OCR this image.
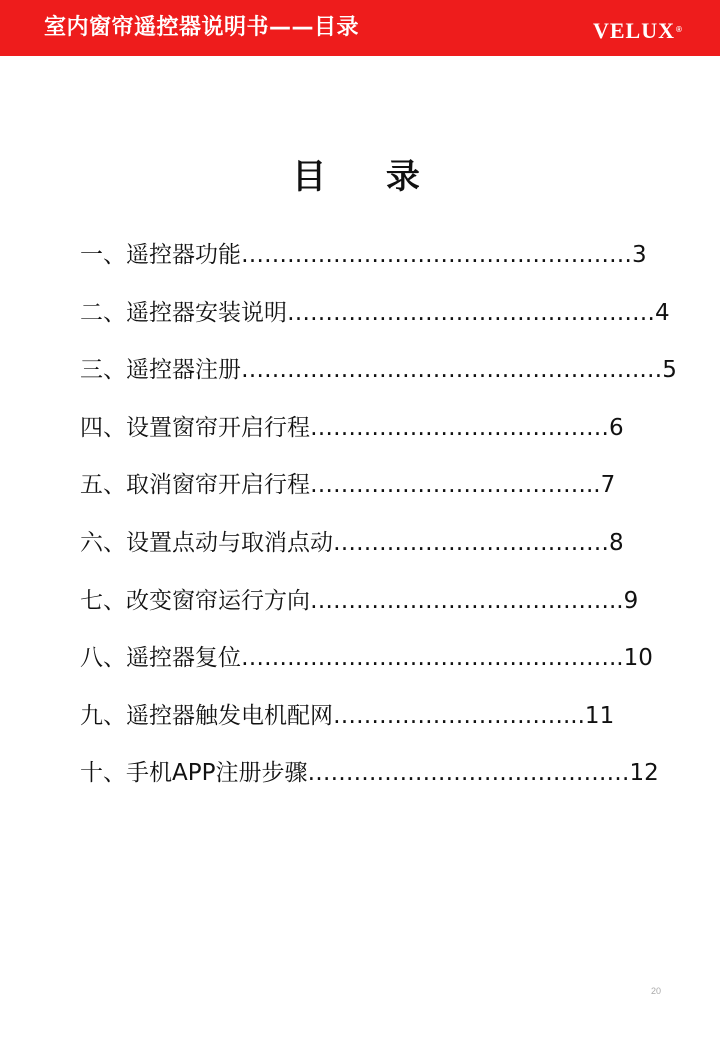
室内窗帘遥控器说明书——目录	VELUX®
目 录
一、遥控器功能……………………………………………3
二、遥控器安装说明…………………………………………4
三、遥控器注册…………………………………………….…5
四、设置窗帘开启行程…………………………………6
五、取消窗帘开启行程………………………………..7
六、设置点动与取消点动………………………………8
七、改变窗帘运行方向…………………………………..9
八、遥控器复位…………………………………………..10
九、遥控器触发电机配网…………………………...11
十、手机APP注册步骤……………………………………12
20
